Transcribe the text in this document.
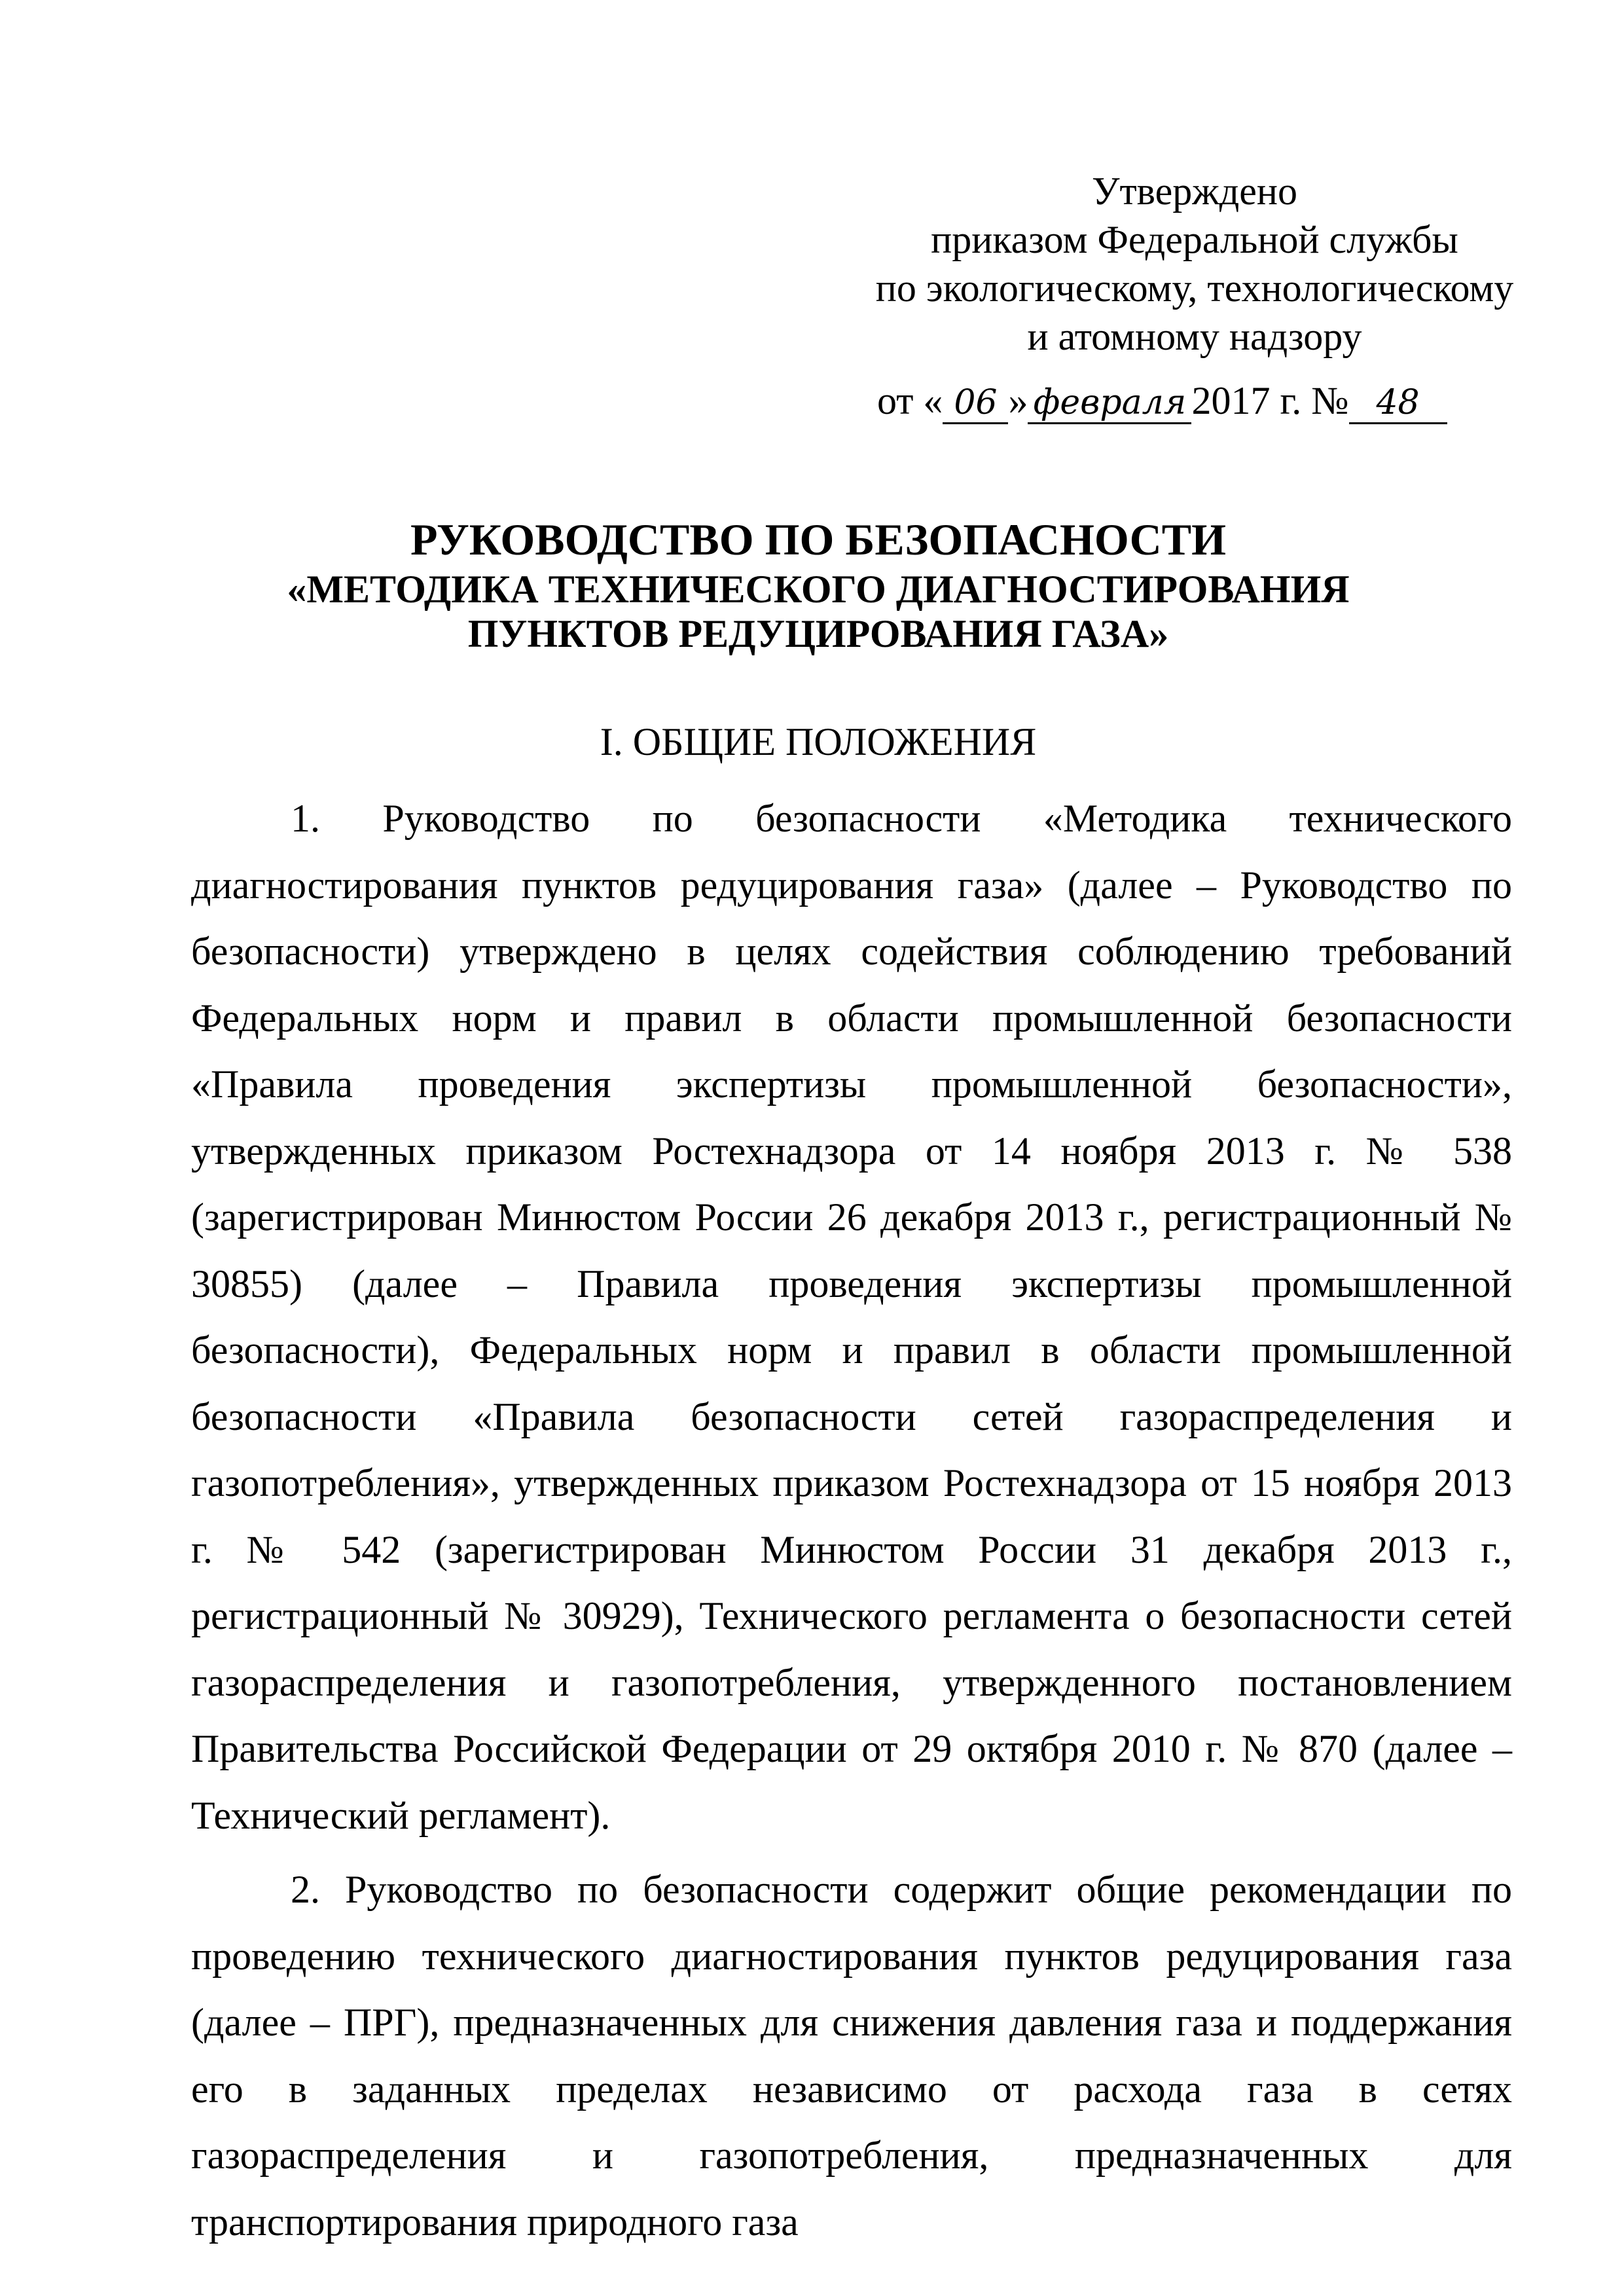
Утверждено
приказом Федеральной службы
по экологическому, технологическому
и атомному надзору
от « 06 » февраля 2017 г. № 48
РУКОВОДСТВО ПО БЕЗОПАСНОСТИ
«МЕТОДИКА ТЕХНИЧЕСКОГО ДИАГНОСТИРОВАНИЯ
ПУНКТОВ РЕДУЦИРОВАНИЯ ГАЗА»
I. ОБЩИЕ ПОЛОЖЕНИЯ

1. Руководство по безопасности «Методика технического диагностирования пунктов редуцирования газа» (далее – Руководство по безопасности) утверждено в целях содействия соблюдению требований Федеральных норм и правил в области промышленной безопасности «Правила проведения экспертизы промышленной безопасности», утвержденных приказом Ростехнадзора от 14 ноября 2013 г. № 538 (зарегистрирован Минюстом России 26 декабря 2013 г., регистрационный № 30855) (далее – Правила проведения экспертизы промышленной безопасности), Федеральных норм и правил в области промышленной безопасности «Правила безопасности сетей газораспределения и газопотребления», утвержденных приказом Ростехнадзора от 15 ноября 2013 г. № 542 (зарегистрирован Минюстом России 31 декабря 2013 г., регистрационный № 30929), Технического регламента о безопасности сетей газораспределения и газопотребления, утвержденного постановлением Правительства Российской Федерации от 29 октября 2010 г. № 870 (далее – Технический регламент).

2. Руководство по безопасности содержит общие рекомендации по проведению технического диагностирования пунктов редуцирования газа (далее – ПРГ), предназначенных для снижения давления газа и поддержания его в заданных пределах независимо от расхода газа в сетях газораспределения и газопотребления, предназначенных для транспортирования природного газа
